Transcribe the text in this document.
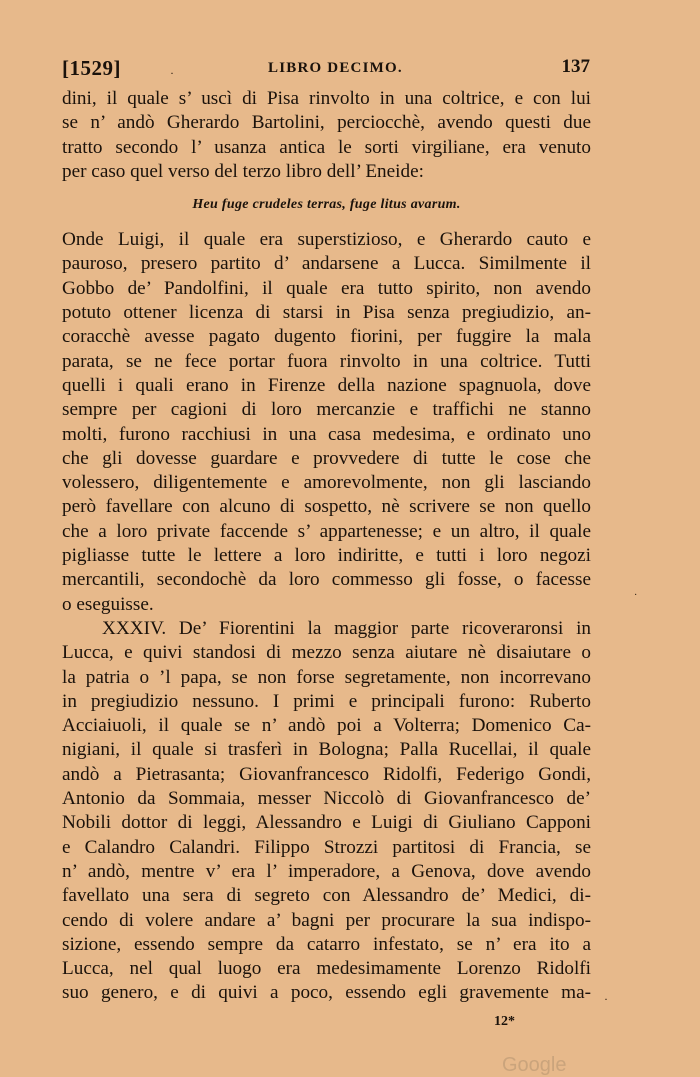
[1529]	LIBRO DECIMO.	137
dini, il quale s’ uscì di Pisa rinvolto in una coltrice, e con lui
se n’ andò Gherardo Bartolini, perciocchè, avendo questi due
tratto secondo l’ usanza antica le sorti virgiliane, era venuto
per caso quel verso del terzo libro dell’ Eneide:
Heu fuge crudeles terras, fuge litus avarum.
Onde Luigi, il quale era superstizioso, e Gherardo cauto e
pauroso, presero partito d’ andarsene a Lucca. Similmente il
Gobbo de’ Pandolfini, il quale era tutto spirito, non avendo
potuto ottener licenza di starsi in Pisa senza pregiudizio, an-
coracchè avesse pagato dugento fiorini, per fuggire la mala
parata, se ne fece portar fuora rinvolto in una coltrice. Tutti
quelli i quali erano in Firenze della nazione spagnuola, dove
sempre per cagioni di loro mercanzie e traffichi ne stanno
molti, furono racchiusi in una casa medesima, e ordinato uno
che gli dovesse guardare e provvedere di tutte le cose che
volessero, diligentemente e amorevolmente, non gli lasciando
però favellare con alcuno di sospetto, nè scrivere se non quello
che a loro private faccende s’ appartenesse; e un altro, il quale
pigliasse tutte le lettere a loro indiritte, e tutti i loro negozi
mercantili, secondochè da loro commesso gli fosse, o facesse
o eseguisse.
XXXIV. De’ Fiorentini la maggior parte ricoveraronsi in
Lucca, e quivi standosi di mezzo senza aiutare nè disaiutare o
la patria o ’l papa, se non forse segretamente, non incorrevano
in pregiudizio nessuno. I primi e principali furono: Ruberto
Acciaiuoli, il quale se n’ andò poi a Volterra; Domenico Ca-
nigiani, il quale si trasferì in Bologna; Palla Rucellai, il quale
andò a Pietrasanta; Giovanfrancesco Ridolfi, Federigo Gondi,
Antonio da Sommaia, messer Niccolò di Giovanfrancesco de’
Nobili dottor di leggi, Alessandro e Luigi di Giuliano Capponi
e Calandro Calandri. Filippo Strozzi partitosi di Francia, se
n’ andò, mentre v’ era l’ imperadore, a Genova, dove avendo
favellato una sera di segreto con Alessandro de’ Medici, di-
cendo di volere andare a’ bagni per procurare la sua indispo-
sizione, essendo sempre da catarro infestato, se n’ era ito a
Lucca, nel qual luogo era medesimamente Lorenzo Ridolfi
suo genero, e di quivi a poco, essendo egli gravemente ma-
12*
·
·
·
Google
